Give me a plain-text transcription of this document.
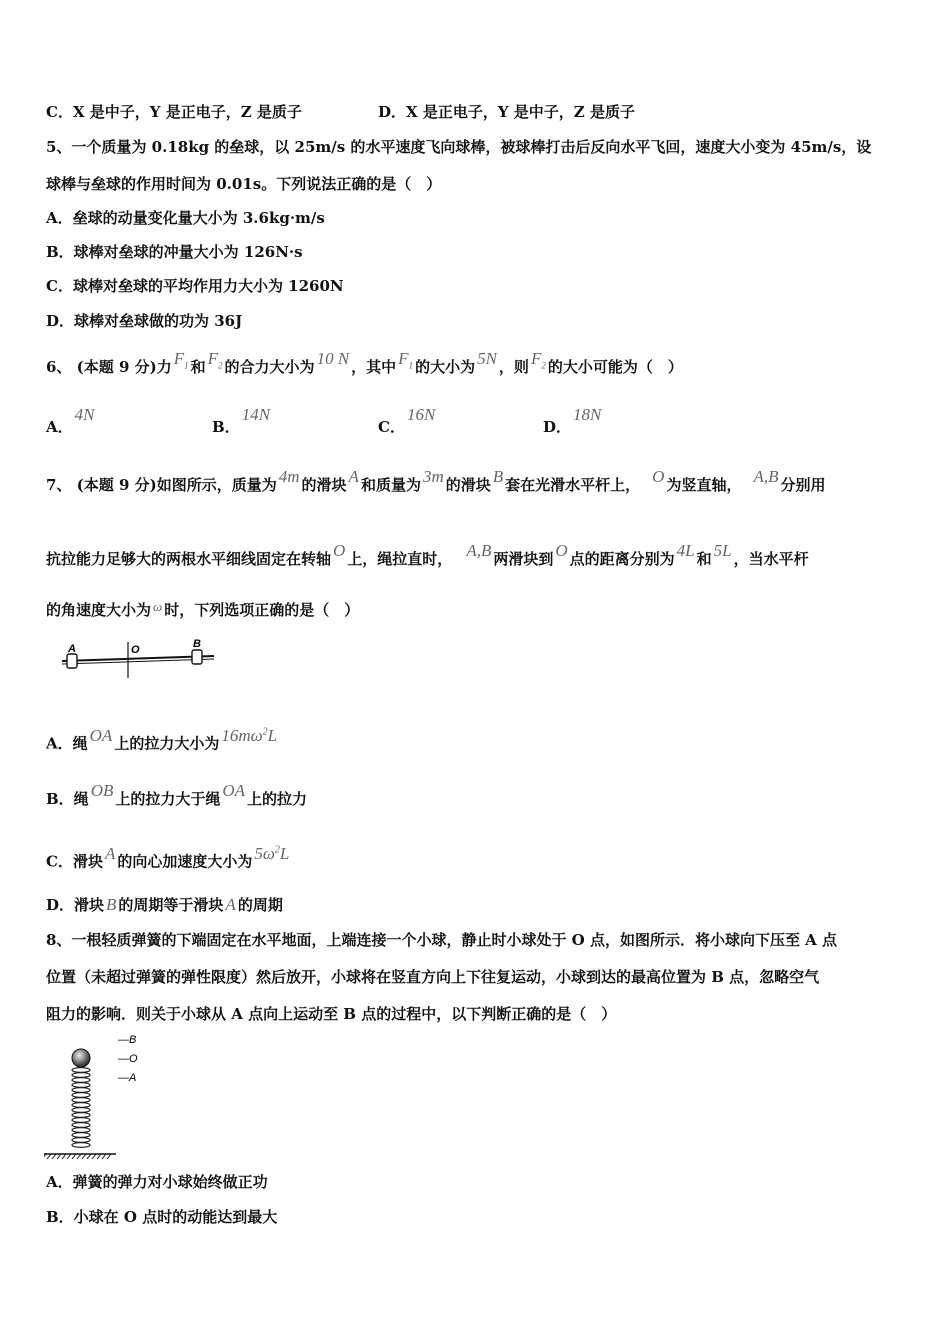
C．X 是中子，Y 是正电子，Z 是质子	D．X 是正电子，Y 是中子，Z 是质子
5、一个质量为 0.18kg 的垒球，以 25m/s 的水平速度飞向球棒，被球棒打击后反向水平飞回，速度大小变为 45m/s，设
球棒与垒球的作用时间为 0.01s。下列说法正确的是（　）
A．垒球的动量变化量大小为 3.6kg·m/s
B．球棒对垒球的冲量大小为 126N·s
C．球棒对垒球的平均作用力大小为 1260N
D．球棒对垒球做的功为 36J
6、 (本题 9 分)力 $F_1$ 和 $F_2$ 的合力大小为 10 N ，其中 $F_1$ 的大小为 5N ，则 $F_2$ 的大小可能为（　）
A．4N
B．14N
C．16N
D．18N
7、 (本题 9 分)如图所示，质量为 4m 的滑块 A 和质量为 3m 的滑块 B 套在光滑水平杆上， O 为竖直轴， A,B 分别用
抗拉能力足够大的两根水平细线固定在转轴 O 上，绳拉直时， A,B 两滑块到 O 点的距离分别为 4L 和 5L ，当水平杆
的角速度大小为 ω 时，下列选项正确的是（　）
A	O	B
A．绳 OA 上的拉力大小为 $16m\omega^2L$
B．绳 OB 上的拉力大于绳 OA 上的拉力
C．滑块 A 的向心加速度大小为 $5\omega^2L$
D．滑块 B 的周期等于滑块 A 的周期
8、一根轻质弹簧的下端固定在水平地面，上端连接一个小球，静止时小球处于 O 点，如图所示．将小球向下压至 A 点
位置（未超过弹簧的弹性限度）然后放开，小球将在竖直方向上下往复运动，小球到达的最高位置为 B 点，忽略空气
阻力的影响．则关于小球从 A 点向上运动至 B 点的过程中，以下判断正确的是（　）
—B
—O
—A
A．弹簧的弹力对小球始终做正功
B．小球在 O 点时的动能达到最大
